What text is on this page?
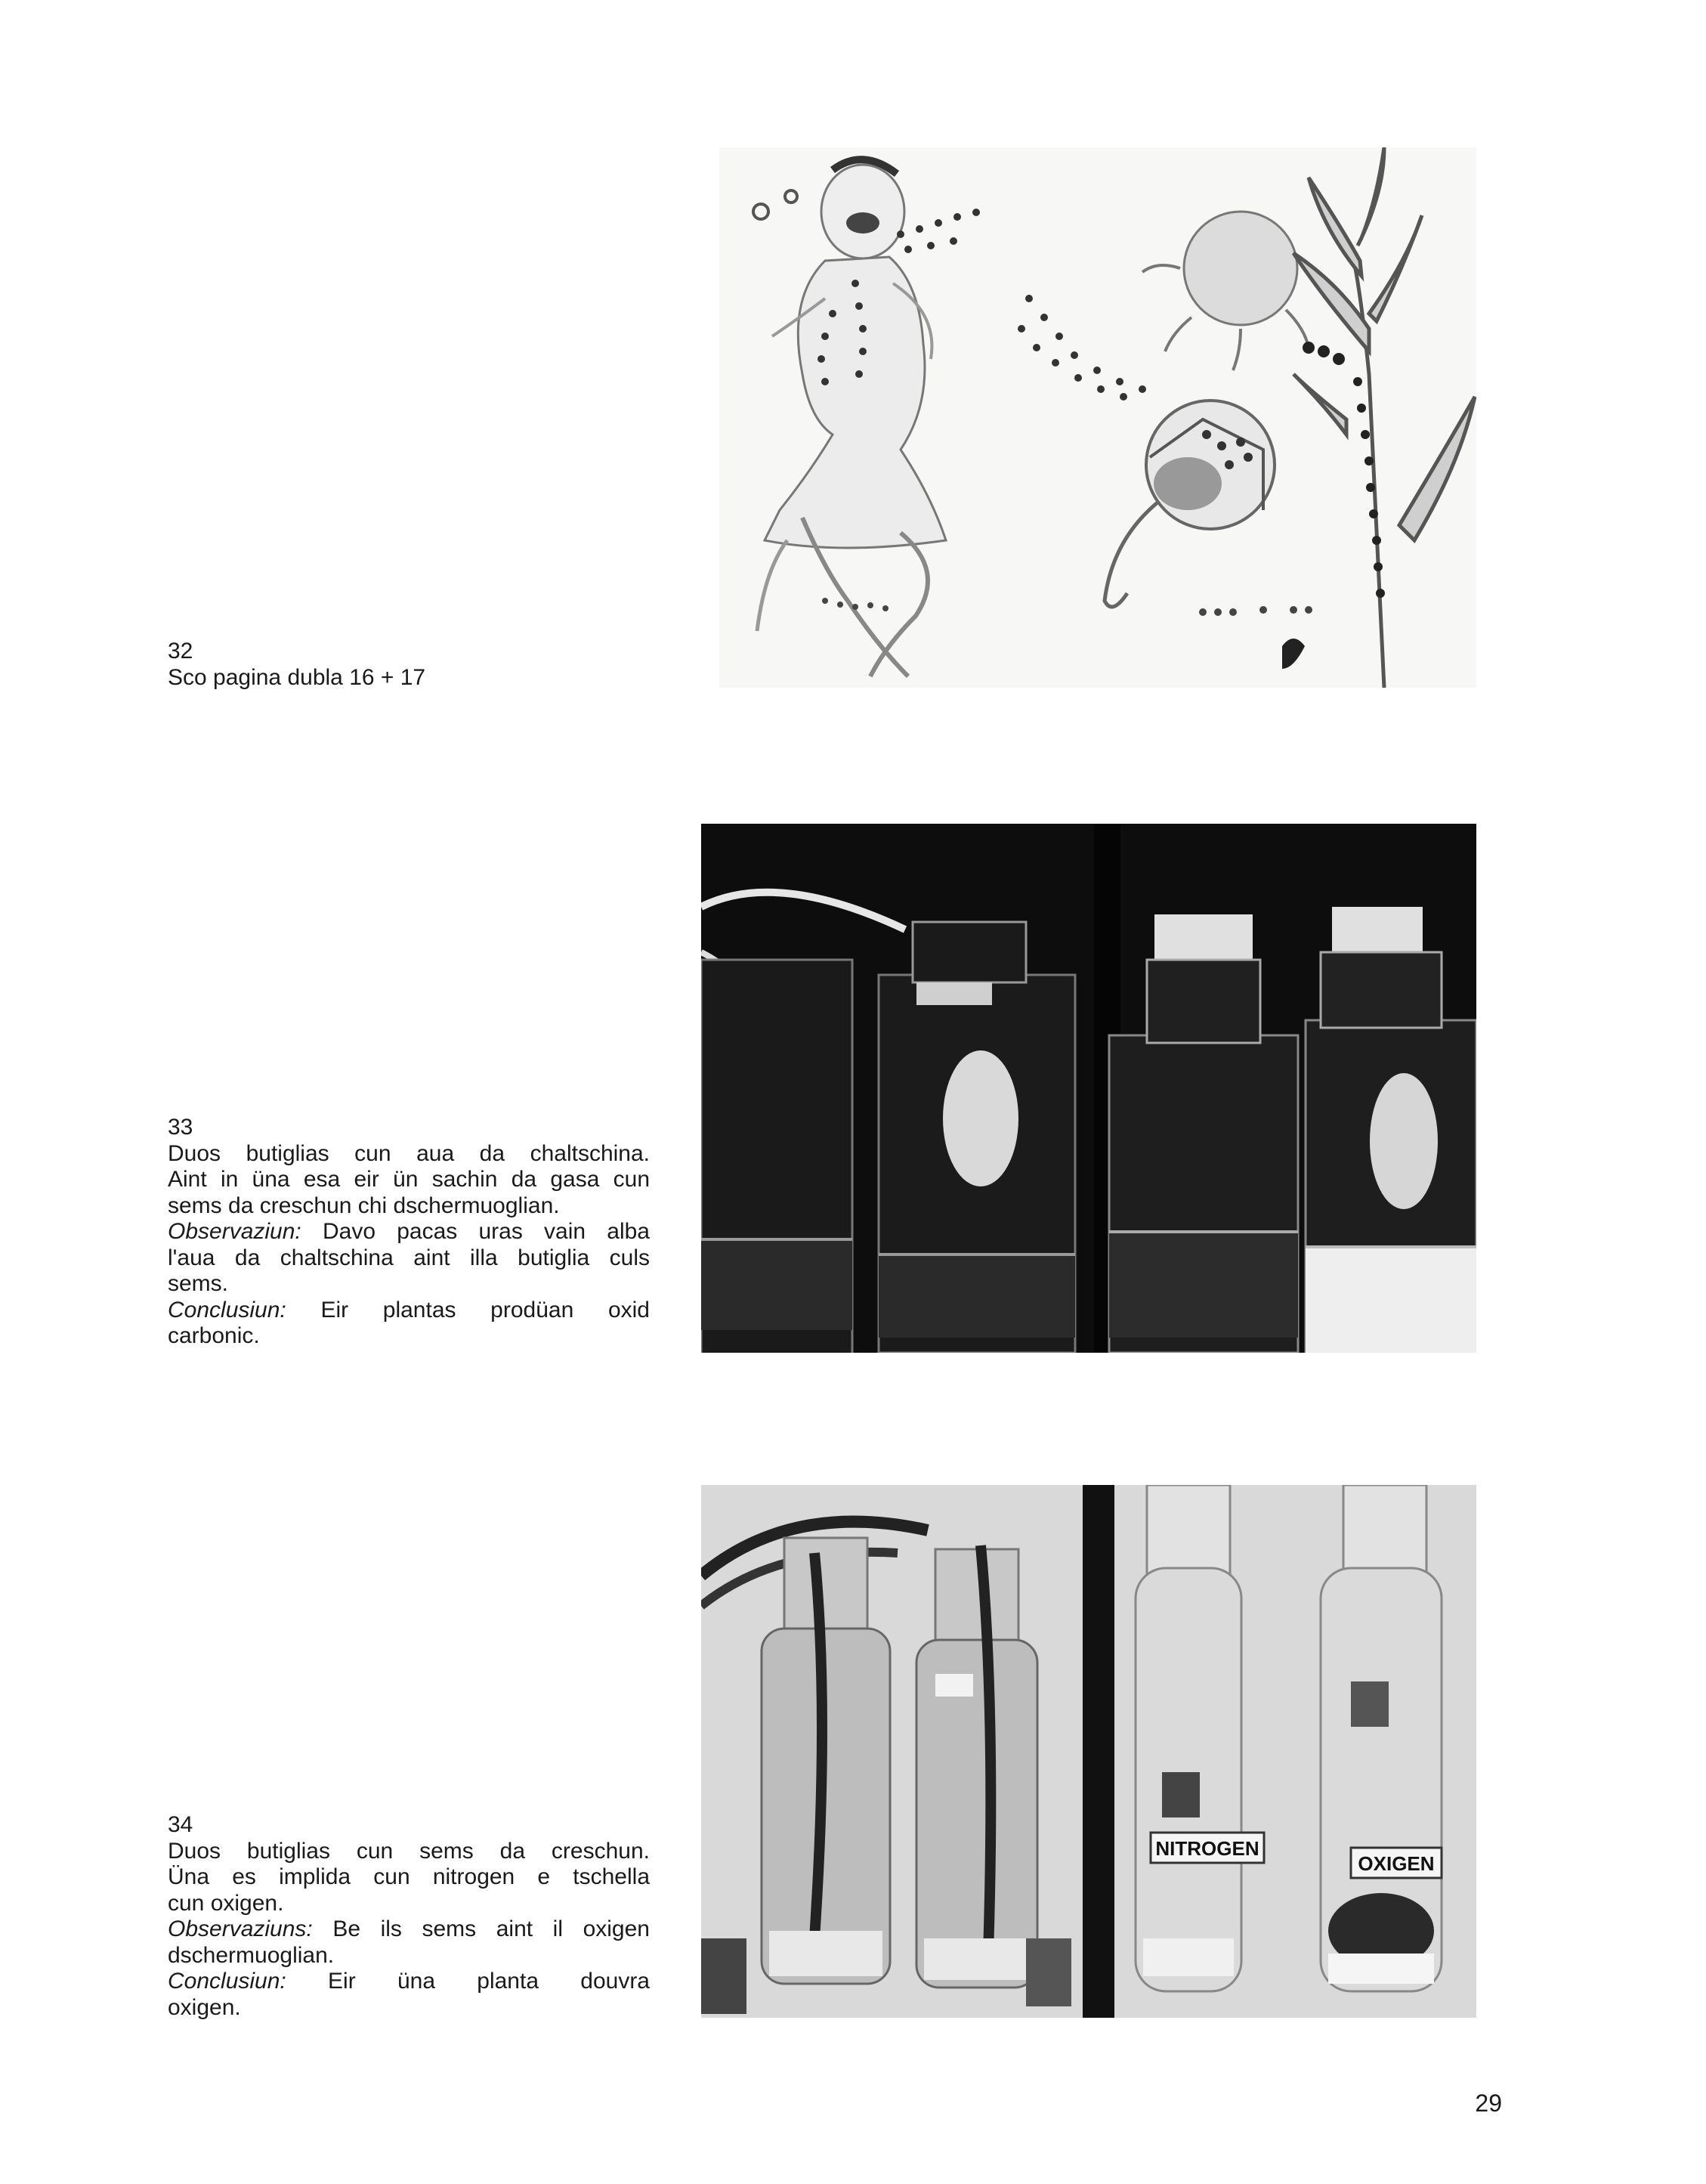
32

Sco pagina dubla 16 + 17

33

Duos butiglias cun aua da chaltschina.

Aint in üna esa eir ün sachin da gasa cun

sems da creschun chi dschermuoglian.

Observaziun: Davo pacas uras vain alba

l'aua da chaltschina aint illa butiglia culs

sems.

Conclusiun: Eir plantas prodüan oxid

carbonic.

NITROGEN
OXIGEN

34

Duos butiglias cun sems da creschun.

Üna es implida cun nitrogen e tschella

cun oxigen.

Observaziuns: Be ils sems aint il oxigen

dschermuoglian.

Conclusiun: Eir üna planta douvra

oxigen.

29
